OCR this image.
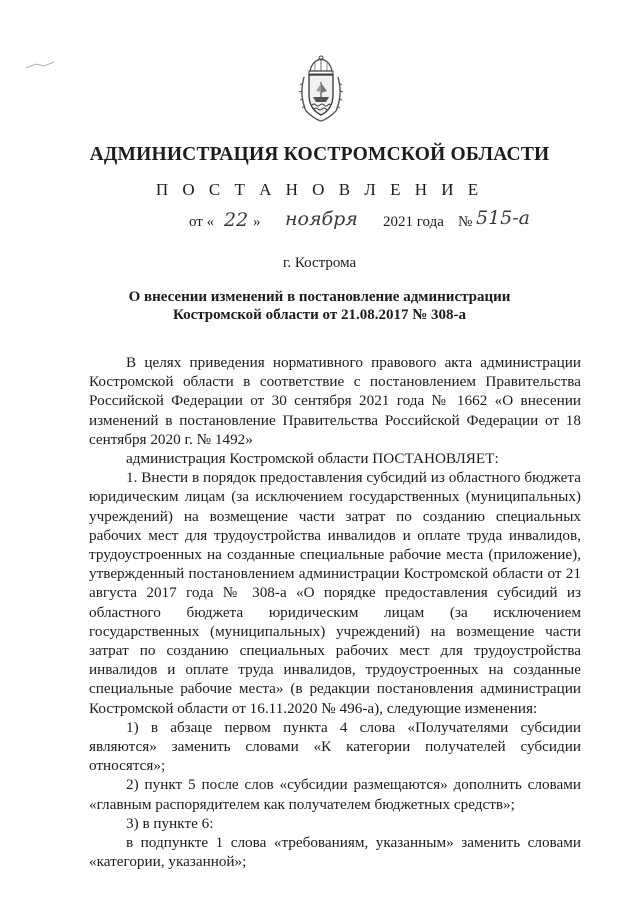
АДМИНИСТРАЦИЯ КОСТРОМСКОЙ ОБЛАСТИ
П О С Т А Н О В Л Е Н И Е
от « 22 » ноября 2021 года № 515-а
г. Кострома
О внесении изменений в постановление администрации
Костромской области от 21.08.2017 № 308-а

В целях приведения нормативного правового акта администрации Костромской области в соответствие с постановлением Правительства Российской Федерации от 30 сентября 2021 года № 1662 «О внесении изменений в постановление Правительства Российской Федерации от 18 сентября 2020 г. № 1492»

администрация Костромской области ПОСТАНОВЛЯЕТ:

1. Внести в порядок предоставления субсидий из областного бюджета юридическим лицам (за исключением государственных (муниципальных) учреждений) на возмещение части затрат по созданию специальных рабочих мест для трудоустройства инвалидов и оплате труда инвалидов, трудоустроенных на созданные специальные рабочие места (приложение), утвержденный постановлением администрации Костромской области от 21 августа 2017 года № 308-а «О порядке предоставления субсидий из областного бюджета юридическим лицам (за исключением государственных (муниципальных) учреждений) на возмещение части затрат по созданию специальных рабочих мест для трудоустройства инвалидов и оплате труда инвалидов, трудоустроенных на созданные специальные рабочие места» (в редакции постановления администрации Костромской области от 16.11.2020 № 496-а), следующие изменения:

1) в абзаце первом пункта 4 слова «Получателями субсидии являются» заменить словами «К категории получателей субсидии относятся»;

2) пункт 5 после слов «субсидии размещаются» дополнить словами «главным распорядителем как получателем бюджетных средств»;

3) в пункте 6:

в подпункте 1 слова «требованиям, указанным» заменить словами «категории, указанной»;
